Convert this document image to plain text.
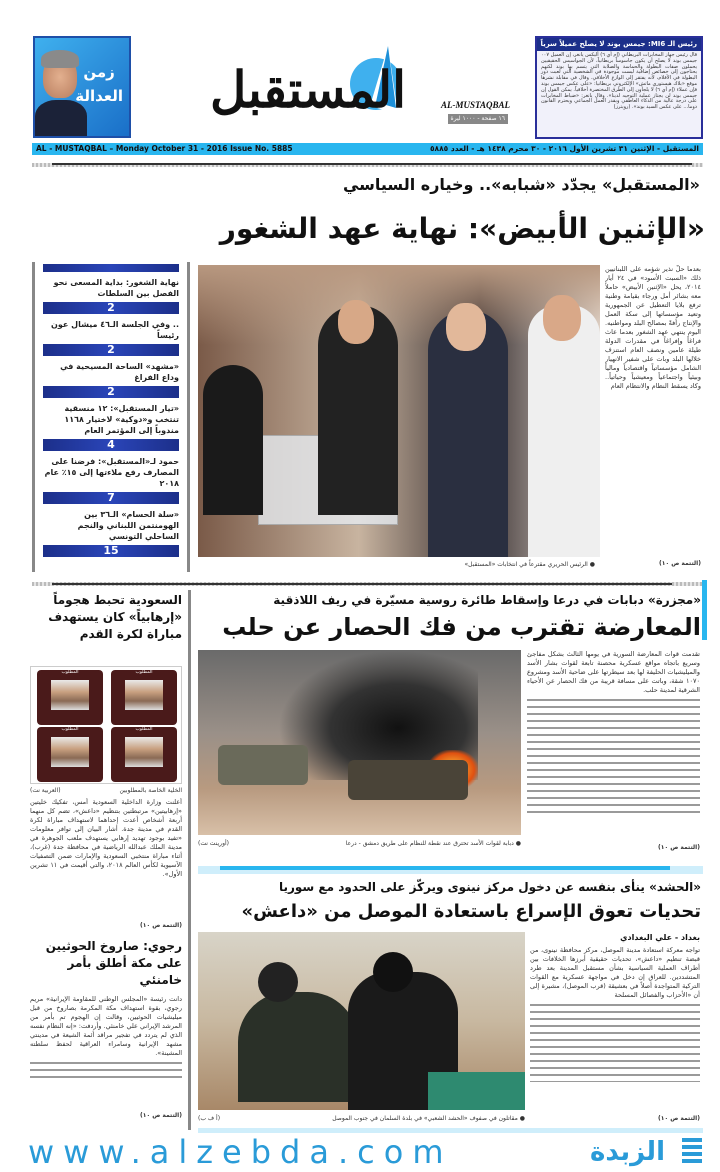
زمن
العدالة المستقبل	AL-MUSTAQBAL
١٦ صفحة - ١٠٠٠ ليرة
رئيس الـ MI6: جيمس بوند لا يصلح عميلاً سرياً
قال رئيس جهاز المخابرات البريطاني (إم أي ٦) أليكس يانغر، إن العميل ٠٠٧ جيمس بوند لا يصلح أن يكون جاسوساً بريطانياً، لأن الجواسيس الحقيقيين يحملون صفات البطولة والحماسة والصلابة التي يتسم بها بوند لكنهم يحتاجون إلى خصائص إضافية ليست موجودة في الشخصية التي لعبت دور البطولة في الأفلام، لأنه يفتقر إلى الوازع الأخلاقي. وقال في مقابلة نشرها موقع «بلاك هيستوري ماتش» الإلكتروني بريطانيا: «على عكس جيمس بوند فإن عملاء (إم أي ٦) لا يلجأون إلى الطرق المختصرة أخلاقياً. يمكن القول إن جيمس بوند لن يجتاز عملية التوجيه لدينا». وقال يانغر: «ضباط المخابرات على درجة عالية من الذكاء العاطفي ويقدر العمل الجماعي ويحترم القانون دوما... على عكس السيد بوند». (رويترز)
AL - MUSTAQBAL – Monday October 31 - 2016 Issue No. 5885	المستقبل - الإثنين ٣١ تشرين الأول ٢٠١٦ - ٣٠ محرم ١٤٣٨ هـ - العدد ٥٨٨٥
«المستقبل» يجدّد «شبابه».. وخياره السياسي
«الإثنين الأبيض»: نهاية عهد الشغور
نهاية الشغور: بداية المسعى نحو الفصل بين السلطات
2
.. وفي الجلسة الـ٤٦ ميشال عون رئيساً
2
«مشهد» الساحة المسيحية في وداع الفراغ
2
«تيار المستقبل»: ١٢ منسقية تنتخب و«دوكية» لاختيار ١١٦٨ مندوباً إلى المؤتمر العام
4
حمود لـ«المستقبل»: فرضنا على المصارف رفع ملاءتها إلى ١٥٪ عام ٢٠١٨
7
«سلة الحسام» الـ٣٦ بين الهومنتمن اللبناني والنجم الساحلي التونسي
15
بعدما حلّ نذير شؤمه على اللبنانيين ذلك «السبت الأسود» في ٢٤ أيار ٢٠١٤، يحل «الإثنين الأبيض» حاملاً معه بشائر أمل ورجاء بقيامة وطنية ترفع بلايا التعطيل عن الجمهورية وتعيد مؤسساتها إلى سكة العمل والإنتاج رأفةً بمصالح البلد ومواطنيه. اليوم ينتهي عهد الشغور بعدما عاث فراغاً وإفراغاً في مقدرات الدولة طيلة عامين ونصف العام استنزف خلالها البلد وبات على شفير الانهيار الشامل مؤسساتياً واقتصادياً ومالياً وبيئياً واجتماعياً ومعيشياً وحياتياً.. وكاد يسقط النظام والانتظام العام
(التتمة ص ١٠)
● الرئيس الحريري مقترعاً في انتخابات «المستقبل»
السعودية تحبط هجوماً «إرهابياً» كان يستهدف مباراة لكرة القدم
المطلوب	المطلوب
المطلوب	المطلوب
الخلية الخاصة بالمطلوبين
(العربية نت)
أعلنت وزارة الداخلية السعودية أمس، تفكيك خليتين «إرهابيتين» مرتبطتين بتنظيم «داعش»، تضم كل منهما أربعة أشخاص أعدت إحداهما لاستهداف مباراة لكرة القدم في مدينة جدة. أشار البيان إلى توافر معلومات «تفيد بوجود تهديد إرهابي يستهدف ملعب الجوهرة في مدينة الملك عبدالله الرياضية في محافظة جدة (غرب)، أثناء مباراة منتخبي السعودية والإمارات ضمن التصفيات الآسيوية لكأس العالم ٢٠١٨، والتي أقيمت في ١١ تشرين الأول».
(التتمة ص ١٠)
«مجزرة» دبابات في درعا وإسقاط طائرة روسية مسيّرة في ريف اللاذقية
المعارضة تقترب من فك الحصار عن حلب
● دبابة لقوات الأسد تحترق عند نقطة للنظام على طريق دمشق - درعا
(أورينت نت)
تقدمت قوات المعارضة السورية في يومها الثالث بشكل مفاجئ وسريع باتجاه مواقع عسكرية محصنة تابعة لقوات بشار الأسد والميليشيات الحليفة لها بعد سيطرتها على ضاحية الأسد ومشروع ١٠٧٠ شقة، وباتت على مسافة قريبة من فك الحصار عن الأحياء الشرقية لمدينة حلب.
(التتمة ص ١٠)
«الحشد» ينأى بنفسه عن دخول مركز نينوى ويركّز على الحدود مع سوريا
تحديات تعوق الإسراع باستعادة الموصل من «داعش»
● مقاتلون في صفوف «الحشد الشعبي» في بلدة السلمان في جنوب الموصل
(أ ف ب)
بغداد - علي البغدادي
تواجه معركة استعادة مدينة الموصل، مركز محافظة نينوى، من قبضة تنظيم «داعش»، تحديات حقيقية أبرزها الخلافات بين أطراف العملية السياسية بشأن مستقبل المدينة بعد طرد المتشددين. للعراق إن دخل في مواجهة عسكرية مع القوات التركية المتواجدة أصلاً في بعشيقة (قرب الموصل)، مشيرة إلى أن «الأحزاب والفصائل المسلحة
(التتمة ص ١٠)
رجوي: صاروخ الحوثيين على مكة أطلق بأمر خامنئي
دانت رئيسة «المجلس الوطني للمقاومة الإيرانية» مريم رجوي، بقوة استهداف مكة المكرمة بصاروخ من قبل ميليشيات الحوثيين، وقالت إن الهجوم تم بأمر من المرشد الإيراني علي خامنئي. وأردفت: «إنه النظام نفسه الذي لم يتردد في تفجير مراقد أئمة الشيعة في مدينتي مشهد الإيرانية وسامراء العراقية لحفظ سلطته المشينة».
(التتمة ص ١٠)
www.alzebda.com	الزبدة
